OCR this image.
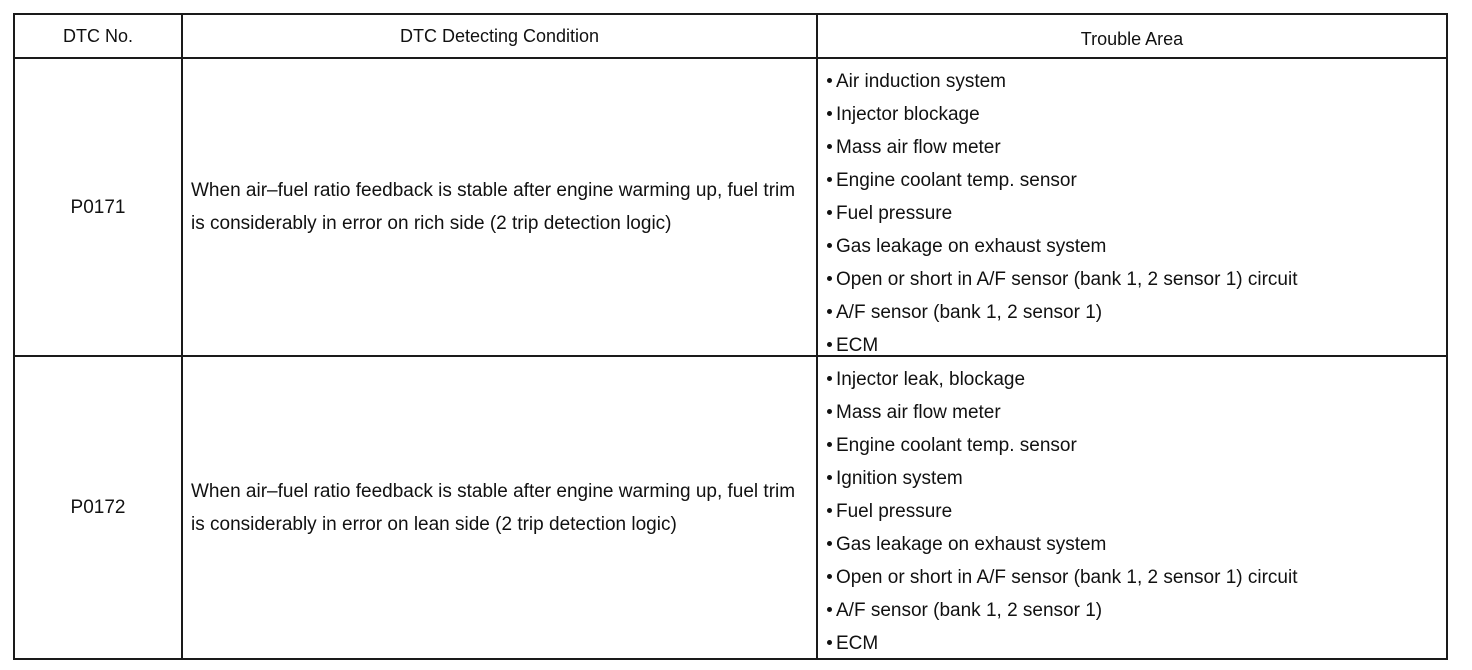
DTC No.	DTC Detecting Condition	Trouble Area
P0171
When air–fuel ratio feedback is stable after engine warming up, fuel trim is considerably in error on rich side (2 trip detection logic)
Air induction system
Injector blockage
Mass air flow meter
Engine coolant temp. sensor
Fuel pressure
Gas leakage on exhaust system
Open or short in A/F sensor (bank 1, 2 sensor 1) circuit
A/F sensor (bank 1, 2 sensor 1)
ECM
P0172
When air–fuel ratio feedback is stable after engine warming up, fuel trim is considerably in error on lean side (2 trip detection logic)
Injector leak, blockage
Mass air flow meter
Engine coolant temp. sensor
Ignition system
Fuel pressure
Gas leakage on exhaust system
Open or short in A/F sensor (bank 1, 2 sensor 1) circuit
A/F sensor (bank 1, 2 sensor 1)
ECM
